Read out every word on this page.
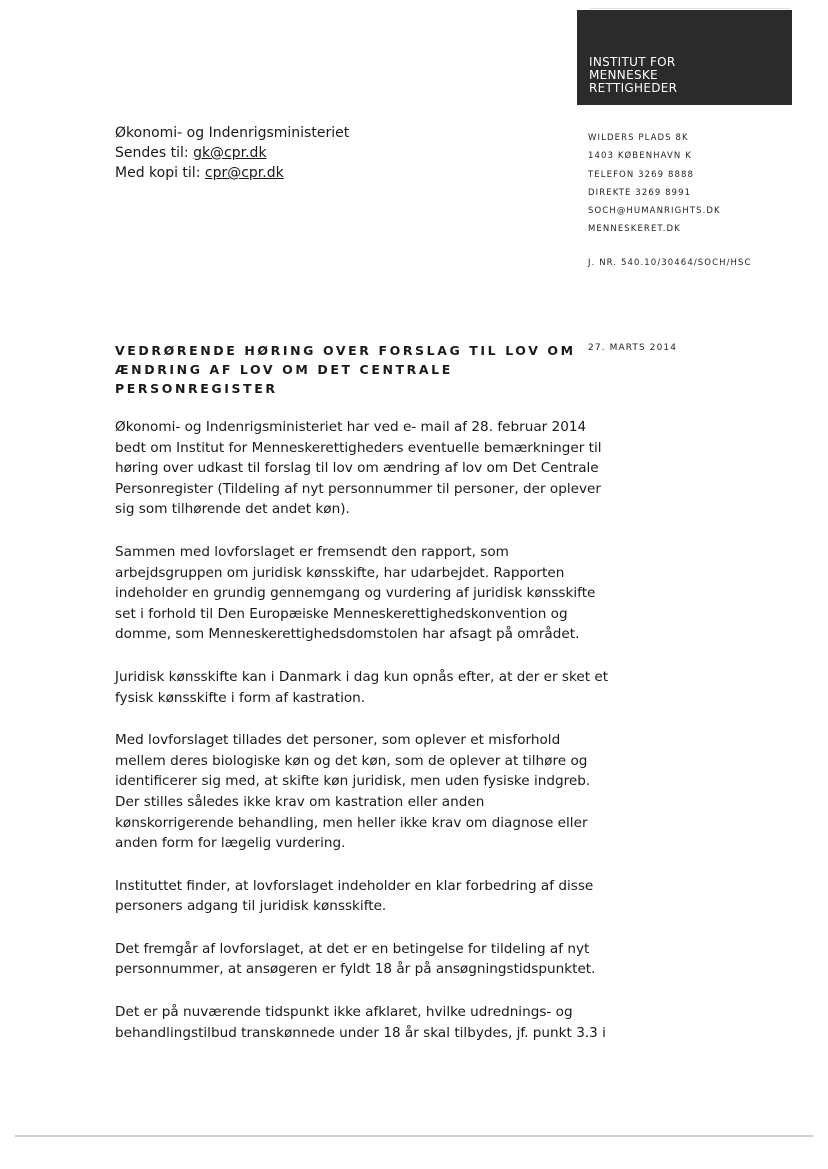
INSTITUT FOR
MENNESKE
RETTIGHEDER
Økonomi- og Indenrigsministeriet
Sendes til: gk@cpr.dk
Med kopi til: cpr@cpr.dk
WILDERS PLADS 8K
1403 KØBENHAVN K
TELEFON 3269 8888
DIREKTE 3269 8991
SOCH@HUMANRIGHTS.DK
MENNESKERET.DK
J. NR. 540.10/30464/SOCH/HSC
27. MARTS 2014
VEDRØRENDE HØRING OVER FORSLAG TIL LOV OM
ÆNDRING AF LOV OM DET CENTRALE
PERSONREGISTER
Økonomi- og Indenrigsministeriet har ved e- mail af 28. februar 2014
bedt om Institut for Menneskerettigheders eventuelle bemærkninger til
høring over udkast til forslag til lov om ændring af lov om Det Centrale
Personregister (Tildeling af nyt personnummer til personer, der oplever
sig som tilhørende det andet køn).
Sammen med lovforslaget er fremsendt den rapport, som
arbejdsgruppen om juridisk kønsskifte, har udarbejdet. Rapporten
indeholder en grundig gennemgang og vurdering af juridisk kønsskifte
set i forhold til Den Europæiske Menneskerettighedskonvention og
domme, som Menneskerettighedsdomstolen har afsagt på området.
Juridisk kønsskifte kan i Danmark i dag kun opnås efter, at der er sket et
fysisk kønsskifte i form af kastration.
Med lovforslaget tillades det personer, som oplever et misforhold
mellem deres biologiske køn og det køn, som de oplever at tilhøre og
identificerer sig med, at skifte køn juridisk, men uden fysiske indgreb.
Der stilles således ikke krav om kastration eller anden
kønskorrigerende behandling, men heller ikke krav om diagnose eller
anden form for lægelig vurdering.
Instituttet finder, at lovforslaget indeholder en klar forbedring af disse
personers adgang til juridisk kønsskifte.
Det fremgår af lovforslaget, at det er en betingelse for tildeling af nyt
personnummer, at ansøgeren er fyldt 18 år på ansøgningstidspunktet.
Det er på nuværende tidspunkt ikke afklaret, hvilke udrednings- og
behandlingstilbud transkønnede under 18 år skal tilbydes, jf. punkt 3.3 i
